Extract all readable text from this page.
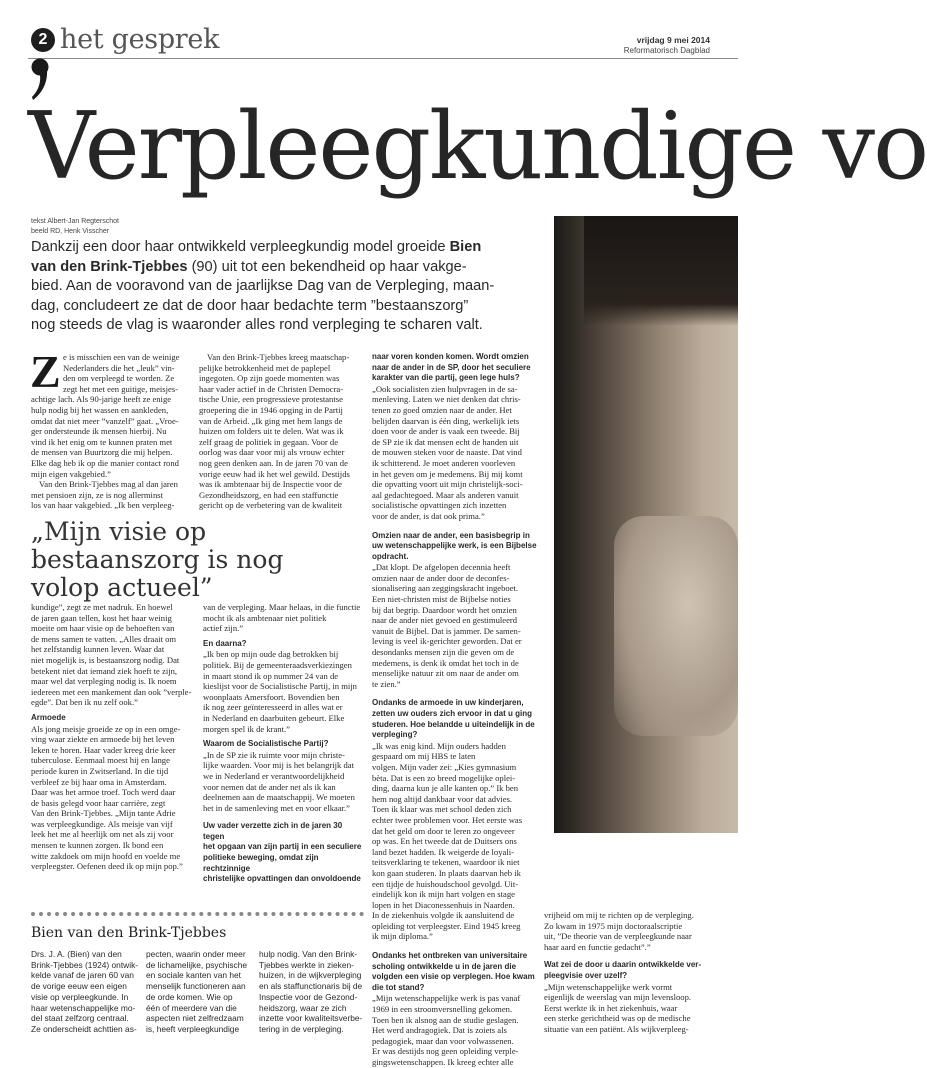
2 het gesprek	vrijdag 9 mei 2014
Reformatorisch Dagblad
Verpleegkundige vo
tekst Albert-Jan Regterschot
beeld RD, Henk Visscher
Dankzij een door haar ontwikkeld verpleegkundig model groeide Bien
van den Brink-Tjebbes (90) uit tot een bekendheid op haar vakge-
bied. Aan de vooravond van de jaarlijkse Dag van de Verpleging, maan-
dag, concludeert ze dat de door haar bedachte term ”bestaanszorg”
nog steeds de vlag is waaronder alles rond verpleging te scharen valt.
Z e is misschien een van de weinige
Nederlanders die het „leuk” vin-
den om verpleegd te worden. Ze
zegt het met een guitige, meisjes-
achtige lach. Als 90-jarige heeft ze enige
hulp nodig bij het wassen en aankleden,
omdat dat niet meer ”vanzelf” gaat. „Vroe-
ger ondersteunde ik mensen hierbij. Nu
vind ik het enig om te kunnen praten met
de mensen van Buurtzorg die mij helpen.
Elke dag heb ik op die manier contact rond
mijn eigen vakgebied.”
Van den Brink-Tjebbes mag al dan jaren
met pensioen zijn, ze is nog allerminst
los van haar vakgebied. „Ik ben verpleeg-
Van den Brink-Tjebbes kreeg maatschap-
pelijke betrokkenheid met de paplepel
ingegoten. Op zijn goede momenten was
haar vader actief in de Christen Democra-
tische Unie, een progressieve protestantse
groepering die in 1946 opging in de Partij
van de Arbeid. „Ik ging met hem langs de
huizen om folders uit te delen. Wat was ik
zelf graag de politiek in gegaan. Voor de
oorlog was daar voor mij als vrouw echter
nog geen denken aan. In de jaren 70 van de
vorige eeuw had ik het wel gewild. Destijds
was ik ambtenaar bij de Inspectie voor de
Gezondheidszorg, en had een staffunctie
gericht op de verbetering van de kwaliteit
„Mijn visie op
bestaanszorg is nog
volop actueel”
kundige”, zegt ze met nadruk. En hoewel
de jaren gaan tellen, kost het haar weinig
moeite om haar visie op de behoeften van
de mens samen te vatten. „Alles draait om
het zelfstandig kunnen leven. Waar dat
niet mogelijk is, is bestaanszorg nodig. Dat
betekent niet dat iemand ziek hoeft te zijn,
maar wel dat verpleging nodig is. Ik noem
iedereen met een mankement dan ook ”verple-
egde”. Dat ben ik nu zelf ook.”
Armoede
Als jong meisje groeide ze op in een omge-
ving waar ziekte en armoede bij het leven
leken te horen. Haar vader kreeg drie keer
tuberculose. Eenmaal moest hij en lange
periode kuren in Zwitserland. In die tijd
verbleef ze bij haar oma in Amsterdam.
Daar was het armoe troef. Toch werd daar
de basis gelegd voor haar carrière, zegt
Van den Brink-Tjebbes. „Mijn tante Adrie
was verpleegkundige. Als meisje van vijf
leek het me al heerlijk om net als zij voor
mensen te kunnen zorgen. Ik bond een
witte zakdoek om mijn hoofd en voelde me
verpleegster. Oefenen deed ik op mijn pop.”
van de verpleging. Maar helaas, in die functie
mocht ik als ambtenaar niet politiek
actief zijn.”
En daarna?
„Ik ben op mijn oude dag betrokken bij
politiek. Bij de gemeenteraadsverkiezingen
in maart stond ik op nummer 24 van de
kieslijst voor de Socialistische Partij, in mijn
woonplaats Amersfoort. Bovendien ben
ik nog zeer geïnteresseerd in alles wat er
in Nederland en daarbuiten gebeurt. Elke
morgen spel ik de krant.”
Waarom de Socialistische Partij?
„In de SP zie ik ruimte voor mijn christe-
lijke waarden. Voor mij is het belangrijk dat
we in Nederland er verantwoordelijkheid
voor nemen dat de ander net als ik kan
deelnemen aan de maatschappij. We moeten
het in de samenleving met en voor elkaar.”
Uw vader verzette zich in de jaren 30 tegen
het opgaan van zijn partij in een seculiere
politieke beweging, omdat zijn rechtzinnige
christelijke opvattingen dan onvoldoende
naar voren konden komen. Wordt omzien
naar de ander in de SP, door het seculiere
karakter van die partij, geen lege huls?
„Ook socialisten zien hulpvragen in de sa-
menleving. Laten we niet denken dat chris-
tenen zo goed omzien naar de ander. Het
belijden daarvan is één ding, werkelijk iets
doen voor de ander is vaak een tweede. Bij
de SP zie ik dat mensen echt de handen uit
de mouwen steken voor de naaste. Dat vind
ik schitterend. Je moet anderen voorleven
in het geven om je medemens. Bij mij komt
die opvatting voort uit mijn christelijk-soci-
aal gedachtegoed. Maar als anderen vanuit
socialistische opvattingen zich inzetten
voor de ander, is dat ook prima.”
Omzien naar de ander, een basisbegrip in
uw wetenschappelijke werk, is een Bijbelse
opdracht.
„Dat klopt. De afgelopen decennia heeft
omzien naar de ander door de deconfes-
sionalisering aan zeggingskracht ingeboet.
Een niet-christen mist de Bijbelse noties
bij dat begrip. Daardoor wordt het omzien
naar de ander niet gevoed en gestimuleerd
vanuit de Bijbel. Dat is jammer. De samen-
leving is veel ik-gerichter geworden. Dat er
desondanks mensen zijn die geven om de
medemens, is denk ik omdat het toch in de
menselijke natuur zit om naar de ander om
te zien.”
Ondanks de armoede in uw kinderjaren,
zetten uw ouders zich ervoor in dat u ging
studeren. Hoe belandde u uiteindelijk in de
verpleging?
„Ik was enig kind. Mijn ouders hadden
gespaard om mij HBS te laten
volgen. Mijn vader zei: „Kies gymnasium
bèta. Dat is een zo breed mogelijke oplei-
ding, daarna kun je alle kanten op.” Ik ben
hem nog altijd dankbaar voor dat advies.
Toen ik klaar was met school deden zich
echter twee problemen voor. Het eerste was
dat het geld om door te leren zo ongeveer
op was. En het tweede dat de Duitsers ons
land bezet hadden. Ik weigerde de loyali-
teitsverklaring te tekenen, waardoor ik niet
kon gaan studeren. In plaats daarvan heb ik
een tijdje de huishoudschool gevolgd. Uit-
eindelijk kon ik mijn hart volgen en stage
lopen in het Diaconessenhuis in Naarden.
In de ziekenhuis volgde ik aansluitend de
opleiding tot verpleegster. Eind 1945 kreeg
ik mijn diploma.”
Ondanks het ontbreken van universitaire
scholing ontwikkelde u in de jaren die
volgden een visie op verplegen. Hoe kwam
die tot stand?
„Mijn wetenschappelijke werk is pas vanaf
1969 in een stroomversnelling gekomen.
Toen ben ik alsnog aan de studie geslagen.
Het werd andragogiek. Dat is zoiets als
pedagogiek, maar dan voor volwassenen.
Er was destijds nog geen opleiding verple-
gingswetenschappen. Ik kreeg echter alle
vrijheid om mij te richten op de verpleging.
Zo kwam in 1975 mijn doctoraalscriptie
uit, ”De theorie van de verpleegkunde naar
haar aard en functie gedacht”.”
Wat zei de door u daarin ontwikkelde ver-
pleegvisie over uzelf?
„Mijn wetenschappelijke werk vormt
eigenlijk de weerslag van mijn levensloop.
Eerst werkte ik in het ziekenhuis, waar
een sterke gerichtheid was op de medische
situatie van een patiënt. Als wijkverpleeg-
Bien van den Brink-Tjebbes
Drs. J. A. (Bien) van den
Brink-Tjebbes (1924) ontwik-
kelde vanaf de jaren 60 van
de vorige eeuw een eigen
visie op verpleegkunde. In
haar wetenschappelijke mo-
del staat zelfzorg centraal.
Ze onderscheidt achttien as-
pecten, waarin onder meer
de lichamelijke, psychische
en sociale kanten van het
menselijk functioneren aan
de orde komen. Wie op
één of meerdere van die
aspecten niet zelfredzaam
is, heeft verpleegkundige
hulp nodig. Van den Brink-
Tjebbes werkte in zieken-
huizen, in de wijkverpleging
en als staffunctionaris bij de
Inspectie voor de Gezond-
heidszorg, waar ze zich
inzette voor kwaliteitsverbe-
tering in de verpleging.
